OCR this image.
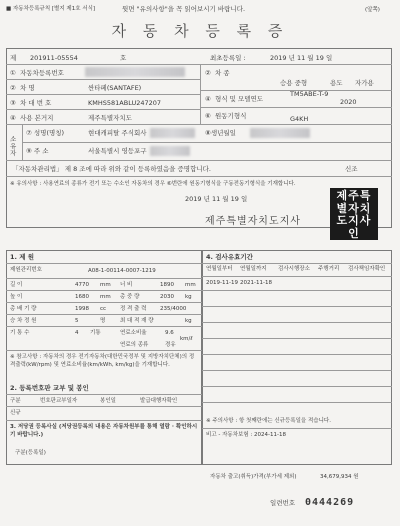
■ 자동차등록규칙 [별지 제1호 서식]	뒷면 "유의사항"을 꼭 읽어보시기 바랍니다.	(앞쪽)
자 동 차 등 록 증
제 201911-05554	호	최초등록일 :	2019 년 11 월 19 일
① 자동차등록번호
② 차 명	싼타페(SANTAFE)
③ 차 대 번 호	KMHS581ABLU247207
④ 사용 본거지	제주특별자치도
② 차 종
승용 중형	용도 자가용
④ 형식 및 모델연도
TM5ABE-T-9
2020
⑥ 원동기형식	G4KH
소유자
⑦ 성명(명칭)	현대캐피탈 주식회사	⑧생년월일
⑨ 주 소	서울특별시 영등포구
「자동차관리법」 제 8 조에 따라 위와 같이 등록하였음을 증명합니다.	신조
※ 유의사항 : 사용연료의 종류가 전기 또는 수소인 자동차의 경우 ⑥번란에 원동기형식을 구동전동기형식을 기재합니다.
2019 년 11 월 19 일
제주특별자치도지사
제주특별자치도지사인
1. 제 원
제원관리번호	A08-1-00114-0007-1219
길 이	4770 mm 너 비	1890 mm
높 이	1680 mm 총 중 량	2030 kg
총 배 기 량	1998 cc	정 격 출 력 235/4000
승 차 정 원	5	명	최 대 적 재 량	kg
기 통 수	4 기통	연료소비율	9.6
km/ℓ
연료의 종류	경유
※ 참고사항 : 자동차의 경우 전기자동차(대한민국정부 및 지방자치단체)의 정격출력(kW/rpm) 및 연료소비율(km/kWh, km/kg)을 기재합니다.
2. 등록번호판 교부 및 봉인
구분	번호판교부일자	봉인일	발급대행자확인
신규
3. 저당권 등록사실 (저당권등록의 내용은 자동차원부를 통해 열람 · 확인하시기 바랍니다.)
구분(등록일)
4. 검사유효기간
연월일부터 연월일까지 검사시행장소 주행거리 검사책임자확인
2019-11-19 2021-11-18
※ 주의사항 : 항 첫째란에는 신규등록일을 적습니다.
비고 - 자동차보험 : 2024-11-18
자동차 출고(취득)가격(부가세 제외)	34,679,934 원
일련번호 0444269
